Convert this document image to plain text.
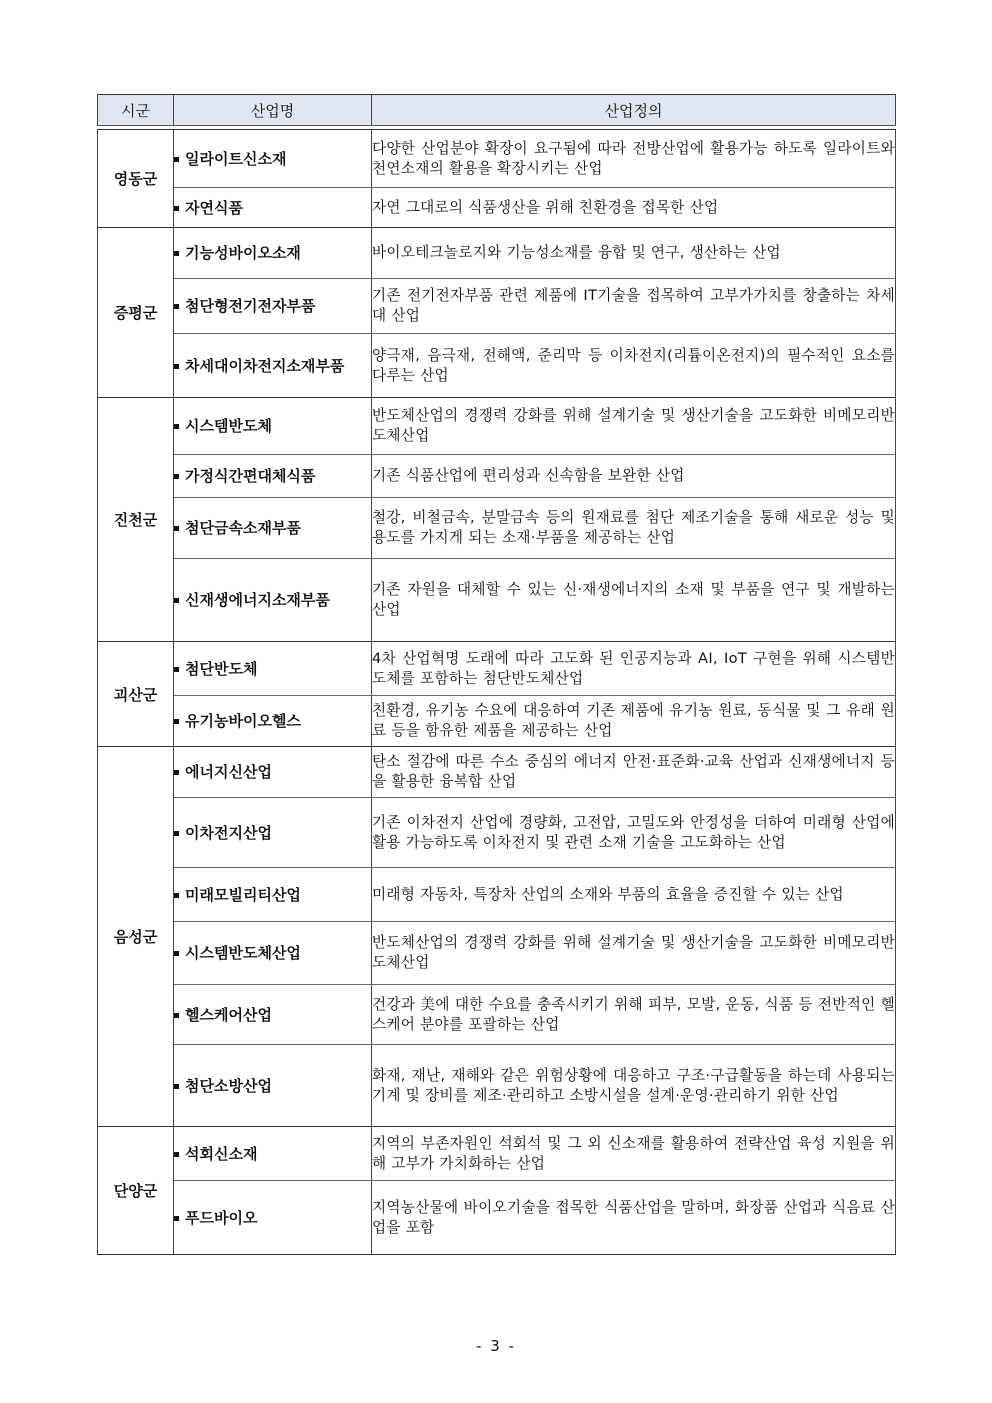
시군	산업명	산업정의

영동군	일라이트신소재	다양한 산업분야 확장이 요구됨에 따라 전방산업에 활용가능 하도록 일라이트와 천연소재의 활용을 확장시키는 산업

	자연식품	자연 그대로의 식품생산을 위해 친환경을 접목한 산업
증평군	기능성바이오소재	바이오테크놀로지와 기능성소재를 융합 및 연구, 생산하는 산업

	첨단형전기전자부품	기존 전기전자부품 관련 제품에 IT기술을 접목하여 고부가가치를 창출하는 차세대 산업

	차세대이차전지소재부품	양극재, 음극재, 전해액, 준리막 등 이차전지(리튬이온전지)의 필수적인 요소를 다루는 산업
진천군	시스템반도체	반도체산업의 경쟁력 강화를 위해 설계기술 및 생산기술을 고도화한 비메모리반도체산업

	가정식간편대체식품	기존 식품산업에 편리성과 신속함을 보완한 산업

	첨단금속소재부품	철강, 비철금속, 분말금속 등의 원재료를 첨단 제조기술을 통해 새로운 성능 및 용도를 가지게 되는 소재·부품을 제공하는 산업

	신재생에너지소재부품	기존 자원을 대체할 수 있는 신·재생에너지의 소재 및 부품을 연구 및 개발하는 산업
괴산군	첨단반도체	4차 산업혁명 도래에 따라 고도화 된 인공지능과 AI, IoT 구현을 위해 시스템반도체를 포함하는 첨단반도체산업

	유기농바이오헬스	친환경, 유기농 수요에 대응하여 기존 제품에 유기농 원료, 동식물 및 그 유래 원료 등을 함유한 제품을 제공하는 산업
음성군	에너지신산업	탄소 절감에 따른 수소 중심의 에너지 안전·표준화·교육 산업과 신재생에너지 등을 활용한 융복합 산업

	이차전지산업	기존 이차전지 산업에 경량화, 고전압, 고밀도와 안정성을 더하여 미래형 산업에 활용 가능하도록 이차전지 및 관련 소재 기술을 고도화하는 산업

	미래모빌리티산업	미래형 자동차, 특장차 산업의 소재와 부품의 효율을 증진할 수 있는 산업

	시스템반도체산업	반도체산업의 경쟁력 강화를 위해 설계기술 및 생산기술을 고도화한 비메모리반도체산업

	헬스케어산업	건강과 美에 대한 수요를 충족시키기 위해 피부, 모발, 운동, 식품 등 전반적인 헬스케어 분야를 포괄하는 산업

	첨단소방산업	화재, 재난, 재해와 같은 위험상황에 대응하고 구조·구급활동을 하는데 사용되는 기계 및 장비를 제조·관리하고 소방시설을 설계·운영·관리하기 위한 산업
단양군	석회신소재	지역의 부존자원인 석회석 및 그 외 신소재를 활용하여 전략산업 육성 지원을 위해 고부가 가치화하는 산업

	푸드바이오	지역농산물에 바이오기술을 접목한 식품산업을 말하며, 화장품 산업과 식음료 산업을 포함
- 3 -
